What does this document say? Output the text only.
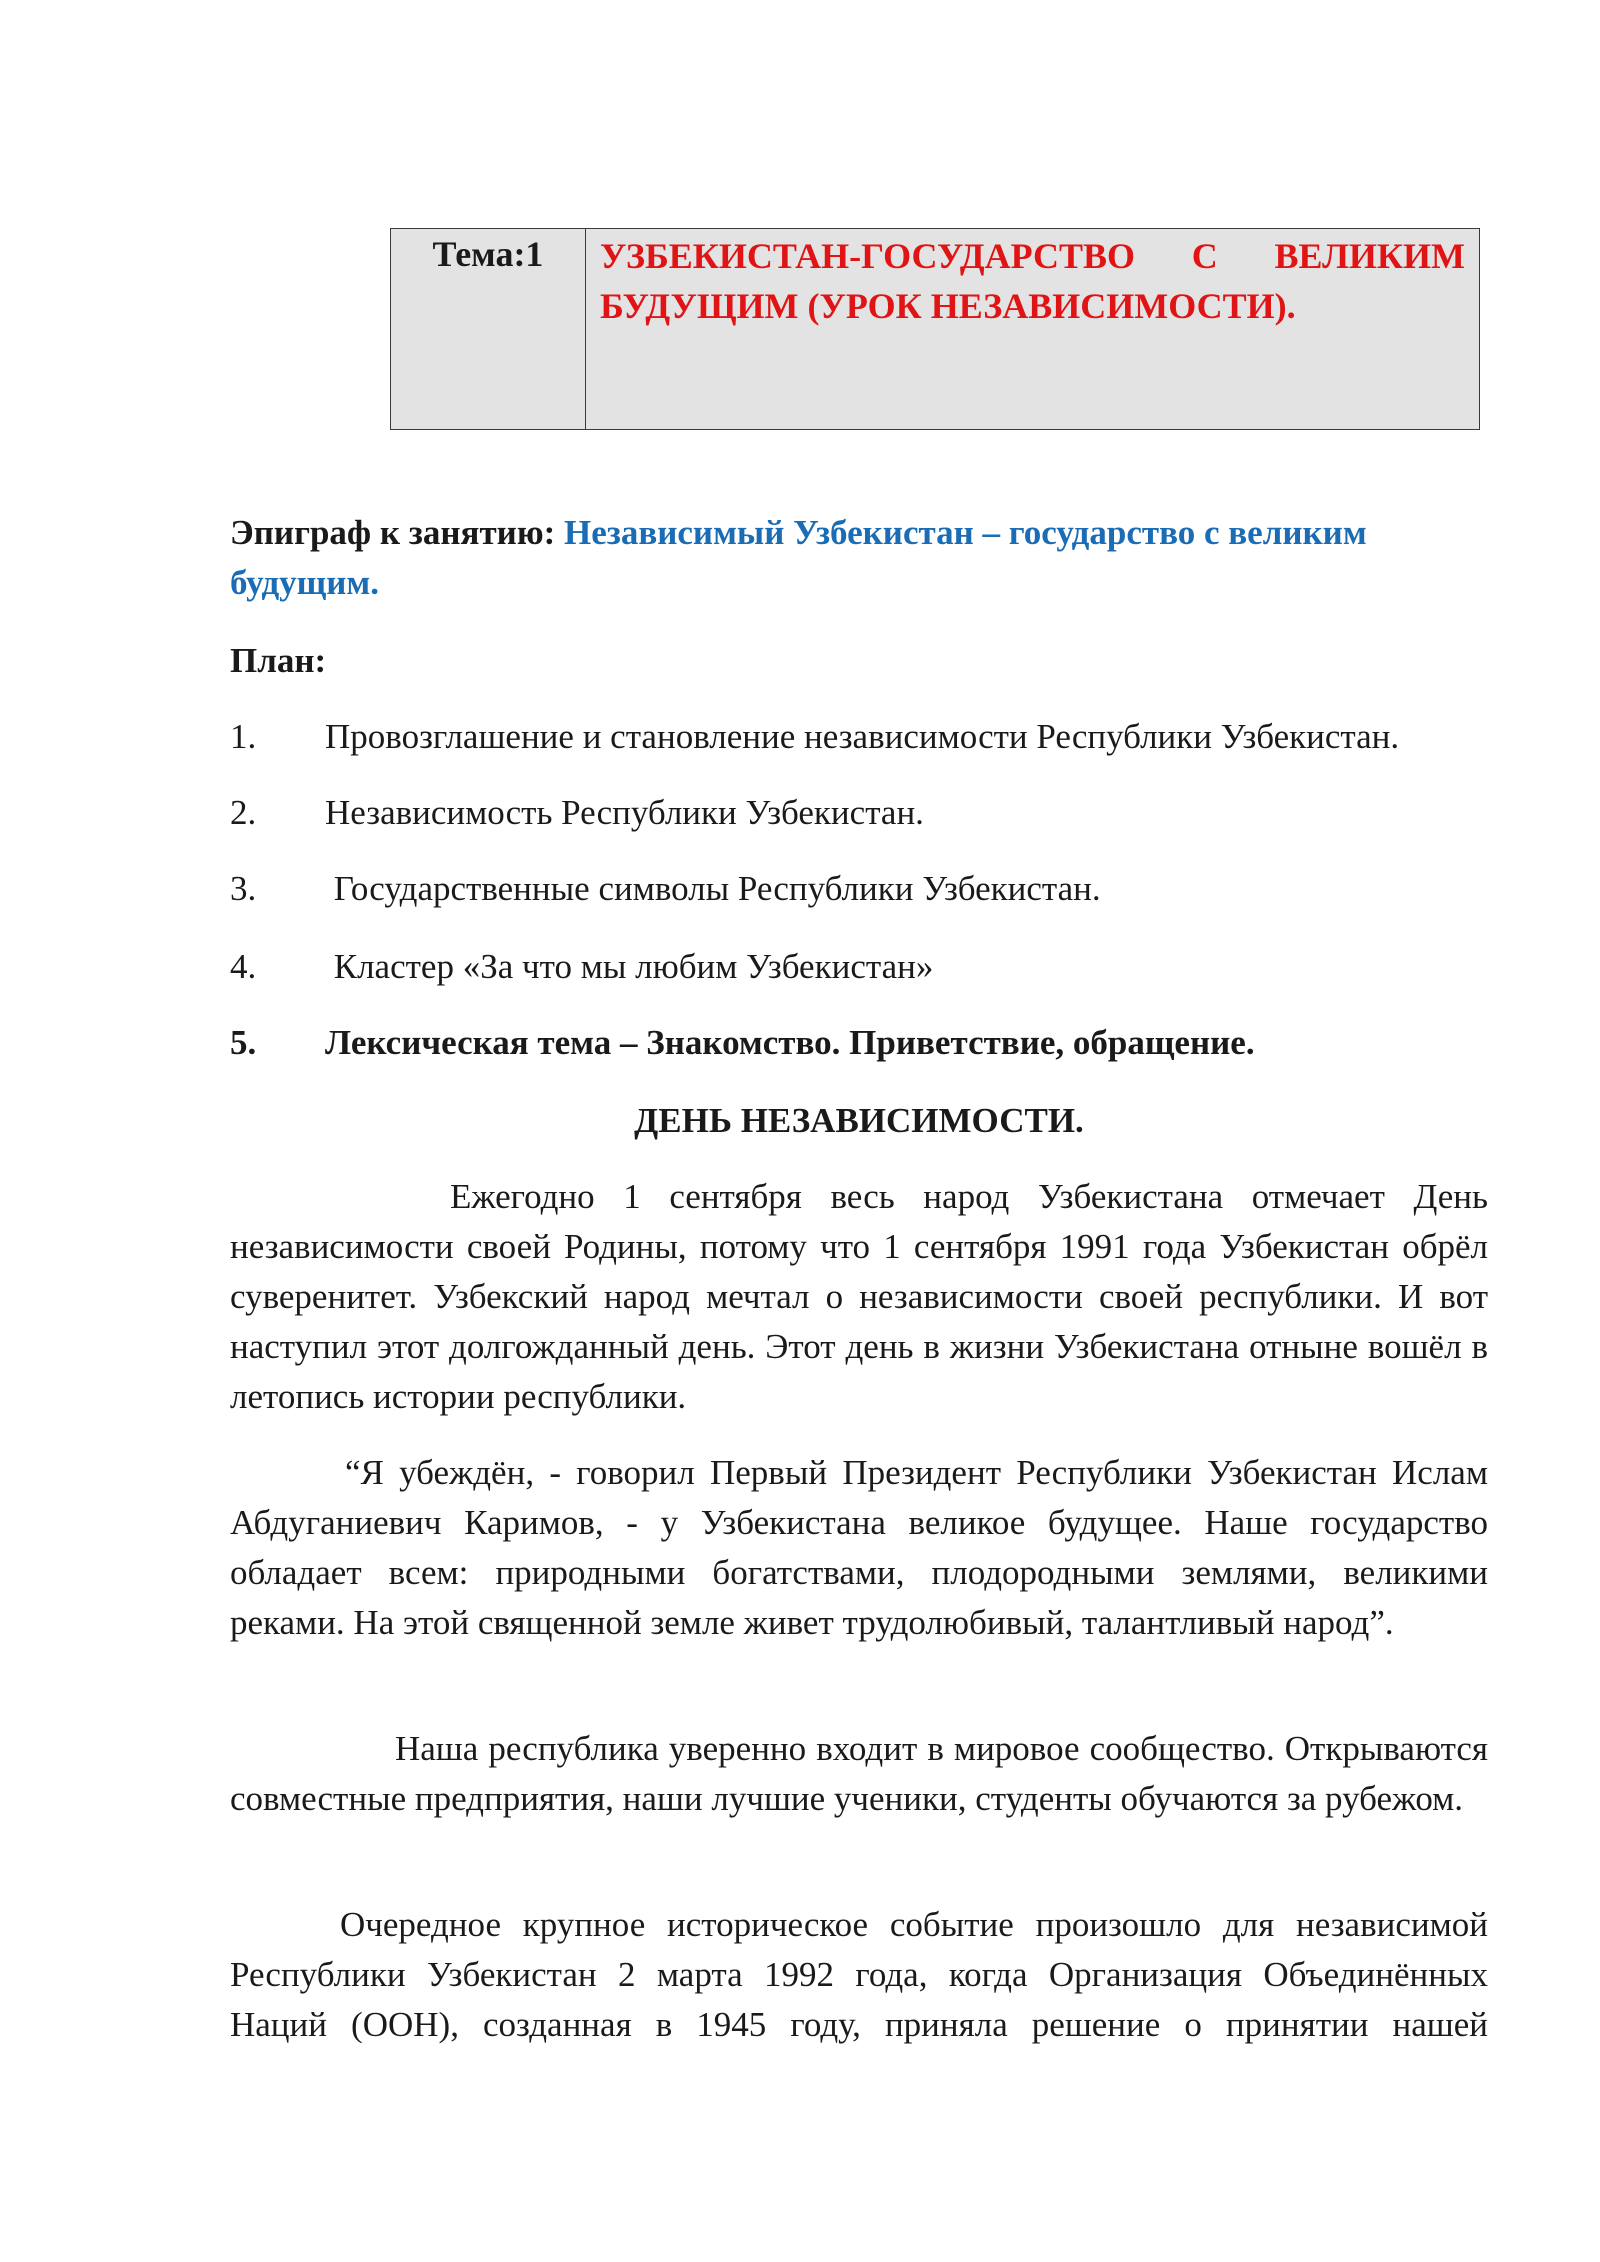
Тема:1	УЗБЕКИСТАН-ГОСУДАРСТВО С ВЕЛИКИМ
БУДУЩИМ (УРОК НЕЗАВИСИМОСТИ).
Эпиграф к занятию: Независимый Узбекистан – государство с великим будущим.
План:
1.	Провозглашение и становление независимости Республики Узбекистан.
2.	Независимость Республики Узбекистан.
3.	Государственные символы Республики Узбекистан.
4.	Кластер «За что мы любим Узбекистан»
5.	Лексическая тема – Знакомство. Приветствие, обращение.
ДЕНЬ НЕЗАВИСИМОСТИ.
Ежегодно 1 сентября весь народ Узбекистана отмечает День независимости своей Родины, потому что 1 сентября 1991 года Узбекистан обрёл суверенитет. Узбекский народ мечтал о независимости своей республики. И вот наступил этот долгожданный день. Этот день в жизни Узбекистана отныне вошёл в летопись истории республики.
“Я убеждён, - говорил Первый Президент Республики Узбекистан Ислам Абдуганиевич Каримов, - у Узбекистана великое будущее. Наше государство обладает всем: природными богатствами, плодородными землями, великими реками. На этой священной земле живет трудолюбивый, талантливый народ”.
Наша республика уверенно входит в мировое сообщество. Открываются совместные предприятия, наши лучшие ученики, студенты обучаются за рубежом.
Очередное крупное историческое событие произошло для независимой Республики Узбекистан 2 марта 1992 года, когда Организация Объединённых Наций (ООН), созданная в 1945 году, приняла решение о принятии нашей
